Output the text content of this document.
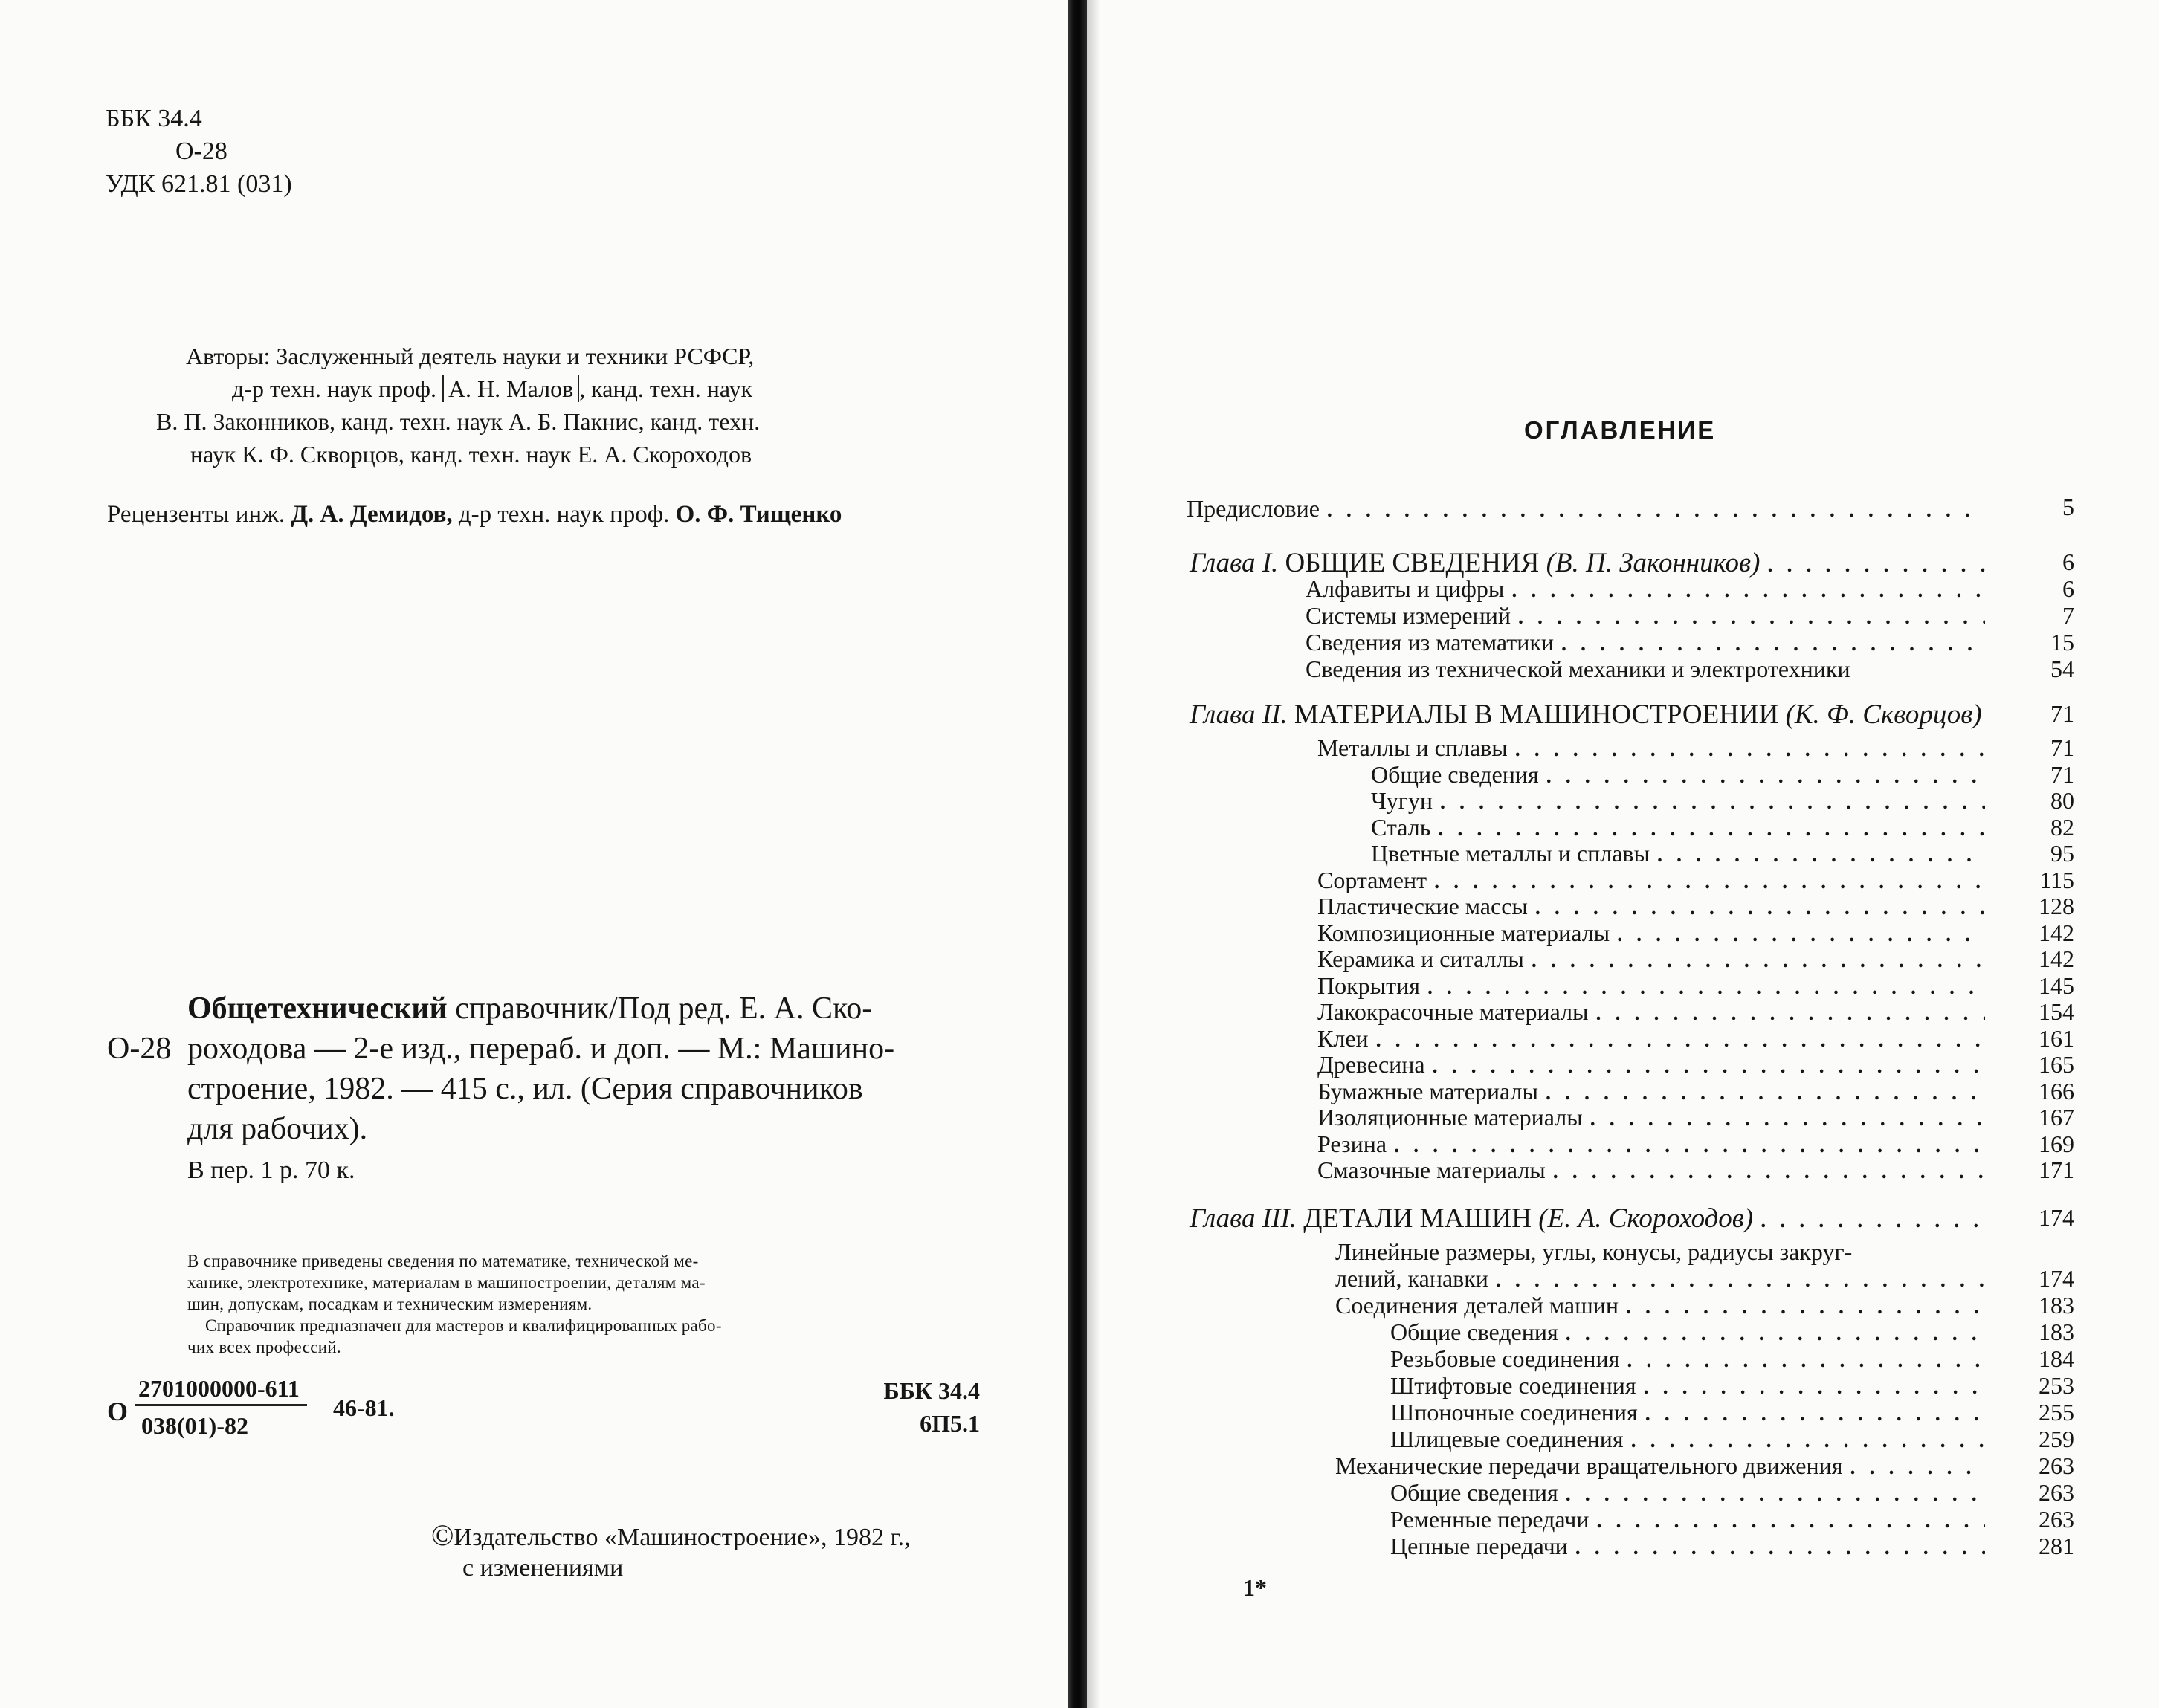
ББК 34.4
О-28
УДК 621.81 (031)
Авторы: Заслуженный деятель науки и техники РСФСР,
д-р техн. наук проф. А. Н. Малов , канд. техн. наук
В. П. Законников, канд. техн. наук А. Б. Пакнис, канд. техн.
наук К. Ф. Скворцов, канд. техн. наук Е. А. Скороходов
Рецензенты инж. Д. А. Демидов, д-р техн. наук проф. О. Ф. Тищенко
Общетехнический справочник/Под ред. Е. А. Ско-
О-28 роходова — 2-е изд., перераб. и доп. — М.: Машино-
строение, 1982. — 415 с., ил. (Серия справочников
для рабочих).
В пер. 1 р. 70 к.
В справочнике приведены сведения по математике, технической ме-
ханике, электротехнике, материалам в машиностроении, деталям ма-
шин, допускам, посадкам и техническим измерениям.
Справочник предназначен для мастеров и квалифицированных рабо-
чих всех профессий.
О
2701000000-611
038(01)-82
46-81.
ББК 34.4
6П5.1
©Издательство «Машиностроение», 1982 г.,
с изменениями
ОГЛАВЛЕНИЕ
Предисловие . . .	5
Глава I. ОБЩИЕ СВЕДЕНИЯ (В. П. Законников) . . .	6
Алфавиты и цифры . . .	6
Системы измерений . . .	7
Сведения из математики . . .	15
Сведения из технической механики и электротехники	54
Глава II. МАТЕРИАЛЫ В МАШИНОСТРОЕНИИ (К. Ф. Скворцов)	71
Металлы и сплавы . . .	71
Общие сведения . . .	71
Чугун . . .	80
Сталь . . .	82
Цветные металлы и сплавы . . .	95
Сортамент . . .	115
Пластические массы . . .	128
Композиционные материалы . . .	142
Керамика и ситаллы . . .	142
Покрытия . . .	145
Лакокрасочные материалы . . .	154
Клеи . . .	161
Древесина . . .	165
Бумажные материалы . . .	166
Изоляционные материалы . . .	167
Резина . . .	169
Смазочные материалы . . .	171
Глава III. ДЕТАЛИ МАШИН (Е. А. Скороходов) . . .	174
Линейные размеры, углы, конусы, радиусы закруг-
лений, канавки . . .	174
Соединения деталей машин . . .	183
Общие сведения . . .	183
Резьбовые соединения . . .	184
Штифтовые соединения . . .	253
Шпоночные соединения . . .	255
Шлицевые соединения . . .	259
Механические передачи вращательного движения . . .	263
Общие сведения . . .	263
Ременные передачи . . .	263
Цепные передачи . . .	281
1*
